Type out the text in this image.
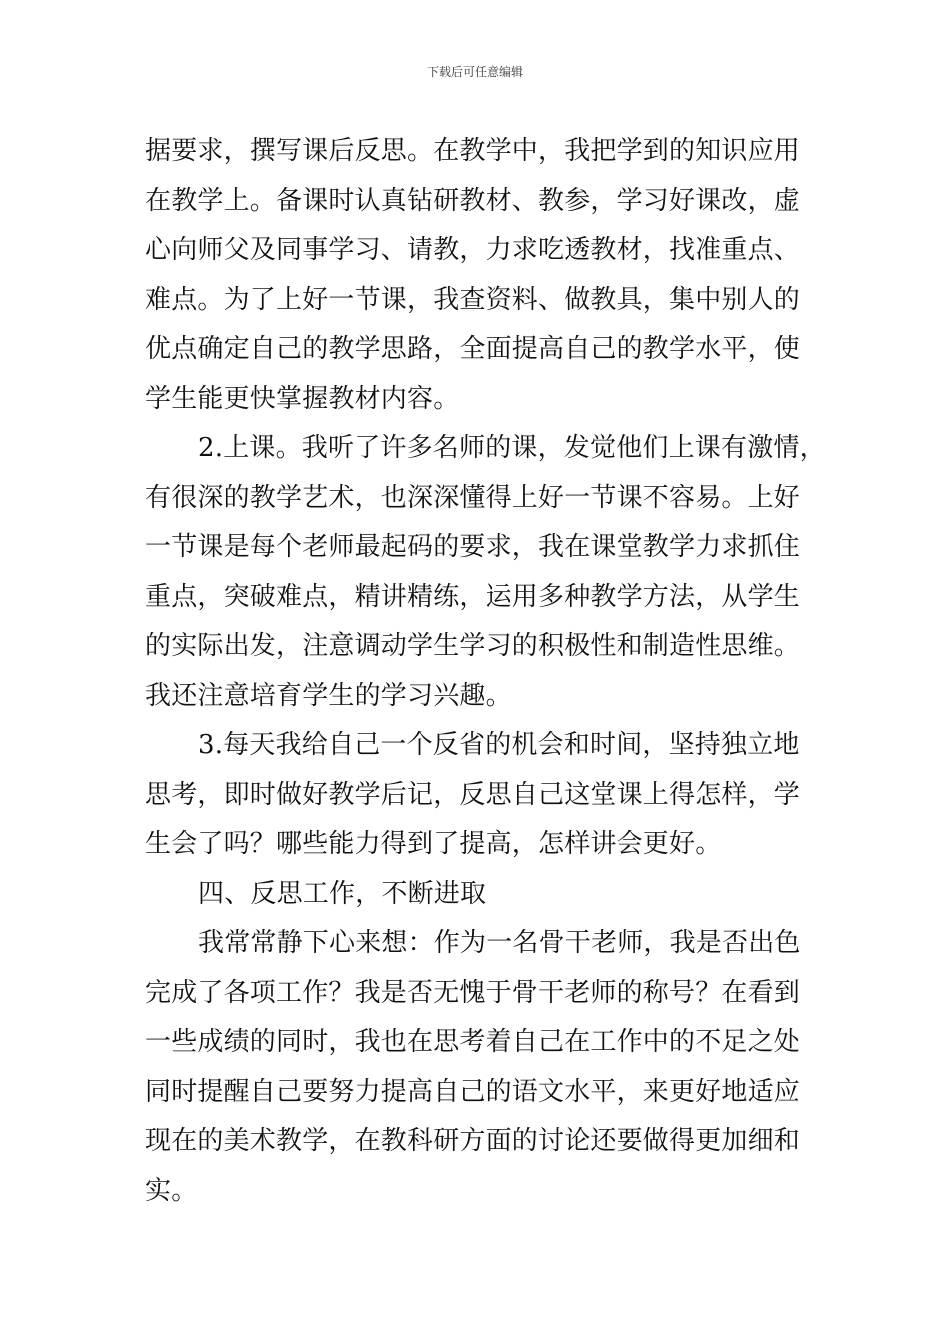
下载后可任意编辑
据要求，撰写课后反思。在教学中，我把学到的知识应用
在教学上。备课时认真钻研教材、教参，学习好课改，虚
心向师父及同事学习、请教，力求吃透教材，找准重点、
难点。为了上好一节课，我查资料、做教具，集中别人的
优点确定自己的教学思路，全面提高自己的教学水平，使
学生能更快掌握教材内容。
2.上课。我听了许多名师的课，发觉他们上课有激情，
有很深的教学艺术，也深深懂得上好一节课不容易。上好
一节课是每个老师最起码的要求，我在课堂教学力求抓住
重点，突破难点，精讲精练，运用多种教学方法，从学生
的实际出发，注意调动学生学习的积极性和制造性思维。
我还注意培育学生的学习兴趣。
3.每天我给自己一个反省的机会和时间，坚持独立地
思考，即时做好教学后记，反思自己这堂课上得怎样，学
生会了吗？哪些能力得到了提高，怎样讲会更好。
四、反思工作，不断进取
我常常静下心来想：作为一名骨干老师，我是否出色
完成了各项工作？我是否无愧于骨干老师的称号？在看到
一些成绩的同时，我也在思考着自己在工作中的不足之处
同时提醒自己要努力提高自己的语文水平，来更好地适应
现在的美术教学，在教科研方面的讨论还要做得更加细和
实。
